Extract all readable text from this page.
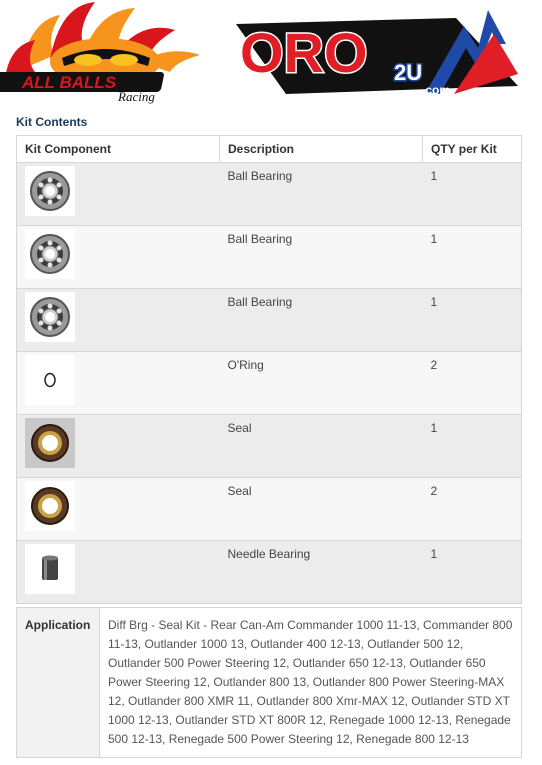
ALL BALLS
Racing
ORO 2U
.com
Kit Contents
Kit Component	Description	QTY per Kit

	Ball Bearing	1

	Ball Bearing	1

	Ball Bearing	1

	O'Ring	2

	Seal	1

	Seal	2

	Needle Bearing	1
Application	Diff Brg - Seal Kit - Rear Can-Am Commander 1000 11-13, Commander 800 11-13, Outlander 1000 13, Outlander 400 12-13, Outlander 500 12, Outlander 500 Power Steering 12, Outlander 650 12-13, Outlander 650 Power Steering 12, Outlander 800 13, Outlander 800 Power Steering-MAX 12, Outlander 800 XMR 11, Outlander 800 Xmr-MAX 12, Outlander STD XT 1000 12-13, Outlander STD XT 800R 12, Renegade 1000 12-13, Renegade 500 12-13, Renegade 500 Power Steering 12, Renegade 800 12-13
